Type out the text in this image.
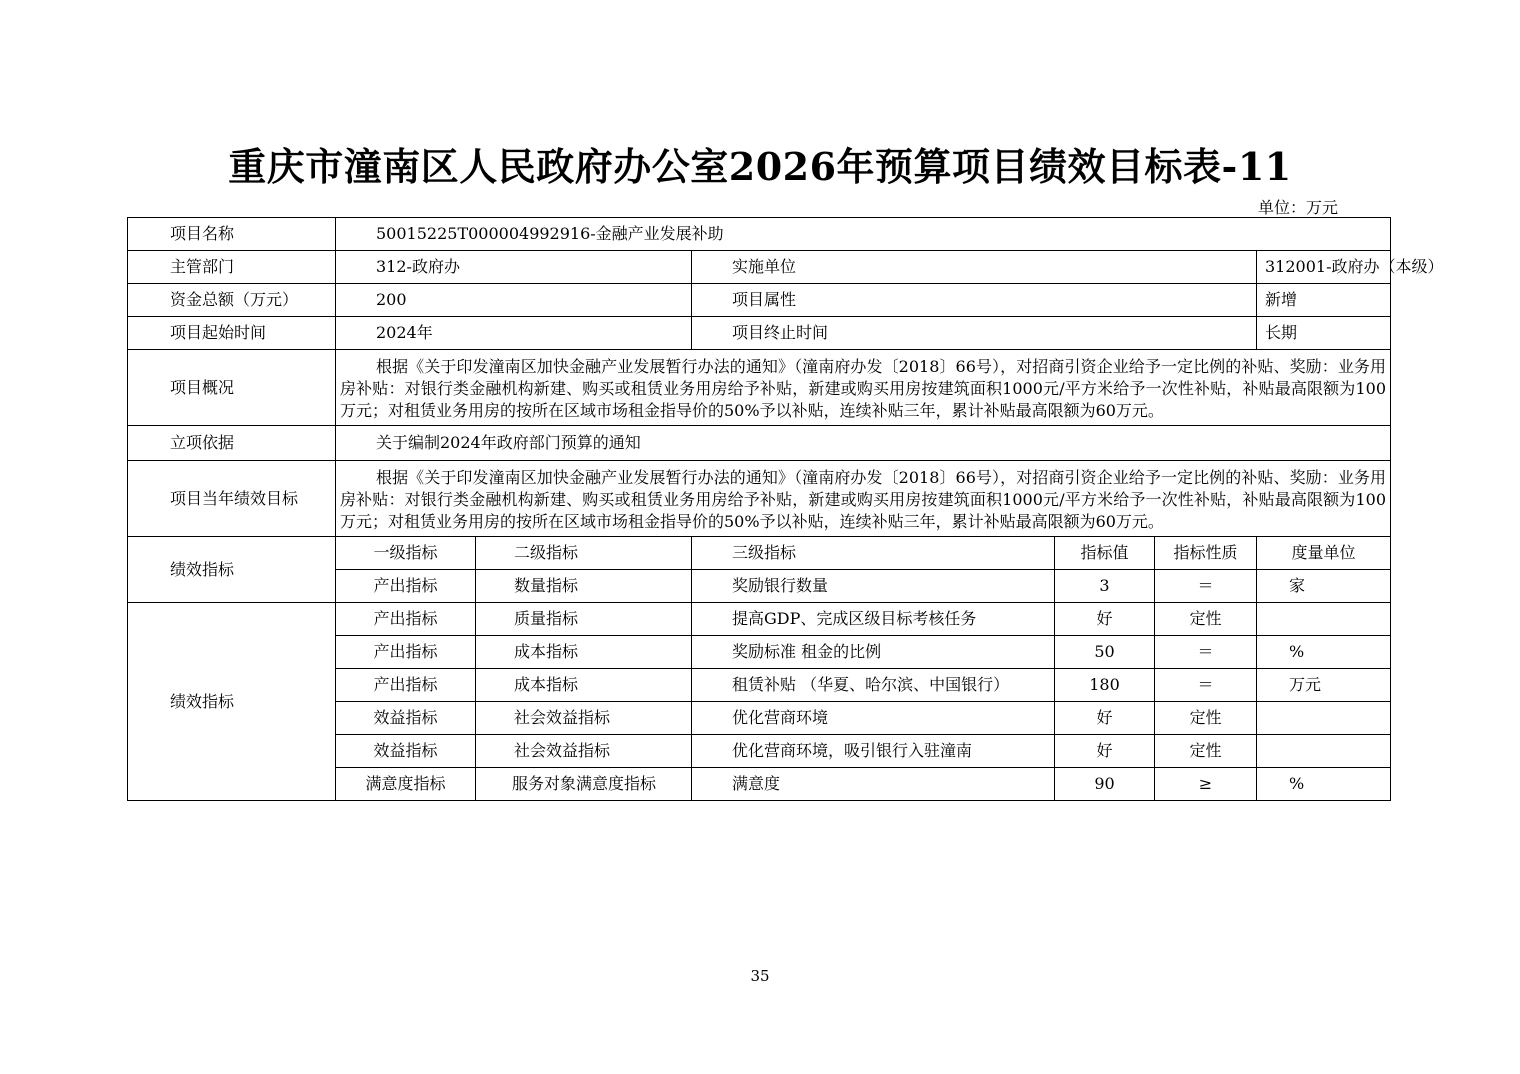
重庆市潼南区人民政府办公室2026年预算项目绩效目标表-11
单位：万元
项目名称	50015225T000004992916-金融产业发展补助					
主管部门	312-政府办		实施单位			312001-政府办（本级）
资金总额（万元）	200		项目属性			新增
项目起始时间	2024年		项目终止时间			长期
项目概况	根据《关于印发潼南区加快金融产业发展暂行办法的通知》（潼南府办发〔2018〕66号），对招商引资企业给予一定比例的补贴、奖励：业务用房补贴：对银行类金融机构新建、购买或租赁业务用房给予补贴，新建或购买用房按建筑面积1000元/平方米给予一次性补贴，补贴最高限额为100万元；对租赁业务用房的按所在区域市场租金指导价的50%予以补贴，连续补贴三年，累计补贴最高限额为60万元。					

立项依据	关于编制2024年政府部门预算的通知					
项目当年绩效目标	根据《关于印发潼南区加快金融产业发展暂行办法的通知》（潼南府办发〔2018〕66号），对招商引资企业给予一定比例的补贴、奖励：业务用房补贴：对银行类金融机构新建、购买或租赁业务用房给予补贴，新建或购买用房按建筑面积1000元/平方米给予一次性补贴，补贴最高限额为100万元；对租赁业务用房的按所在区域市场租金指导价的50%予以补贴，连续补贴三年，累计补贴最高限额为60万元。					

绩效指标	一级指标	二级指标	三级指标	指标值	指标性质	度量单位
	产出指标	数量指标	奖励银行数量	3	＝	家
绩效指标	产出指标	质量指标	提高GDP、完成区级目标考核任务	好	定性	
	产出指标	成本指标	奖励标准 租金的比例	50	＝	%
	产出指标	成本指标	租赁补贴 （华夏、哈尔滨、中国银行）	180	＝	万元
	效益指标	社会效益指标	优化营商环境	好	定性	
	效益指标	社会效益指标	优化营商环境，吸引银行入驻潼南	好	定性	
	满意度指标	服务对象满意度指标	满意度	90	≥	%
35
